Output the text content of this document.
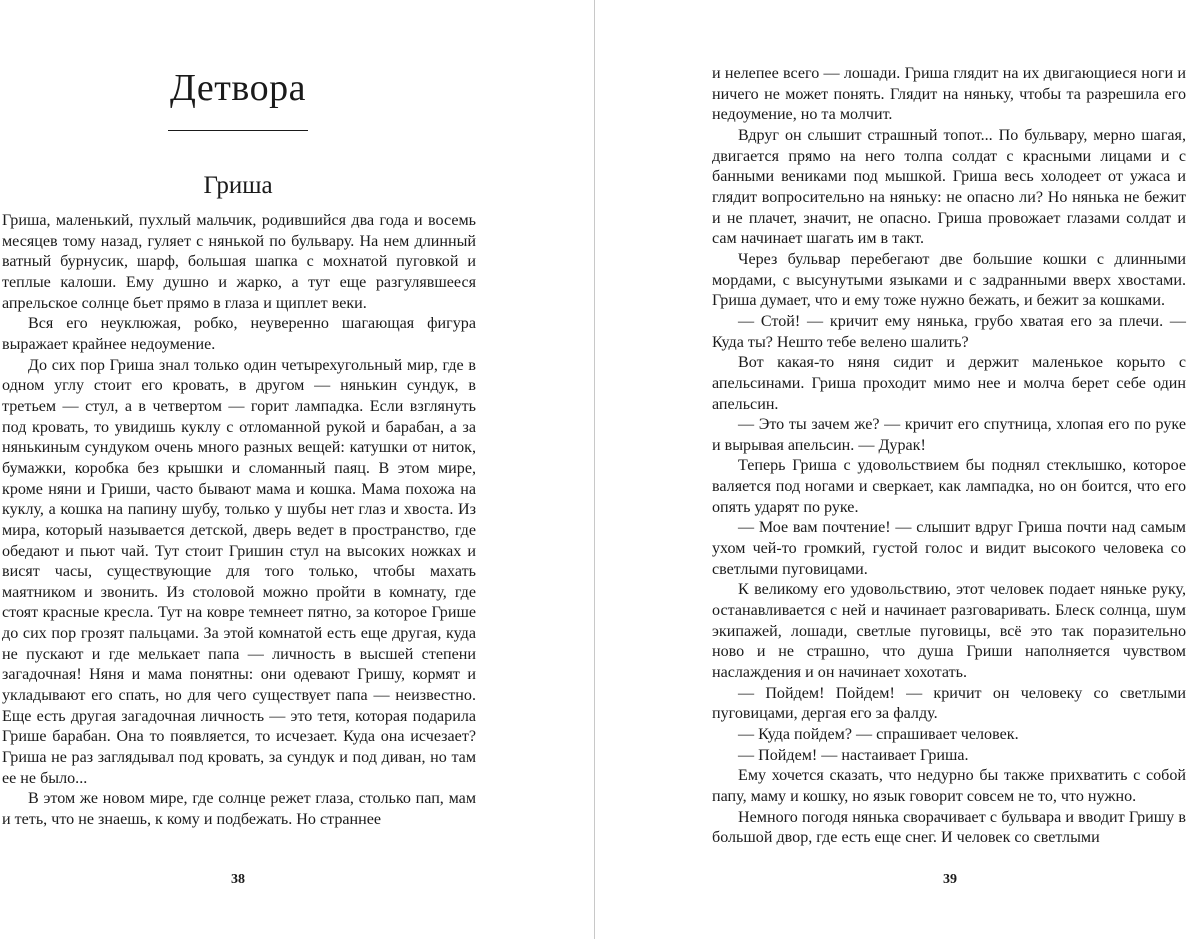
Детвора
Гриша

Гриша, маленький, пухлый мальчик, родившийся два года и восемь месяцев тому назад, гуляет с нянькой по бульвару. На нем длинный ватный бурнусик, шарф, большая шапка с мохнатой пуговкой и теплые калоши. Ему душно и жарко, а тут еще разгулявшееся апрельское солнце бьет прямо в глаза и щиплет веки.

Вся его неуклюжая, робко, неуверенно шагающая фигура выражает крайнее недоумение.

До сих пор Гриша знал только один четырехугольный мир, где в одном углу стоит его кровать, в другом — нянькин сундук, в третьем — стул, а в четвертом — горит лампадка. Если взглянуть под кровать, то увидишь куклу с отломанной рукой и барабан, а за нянькиным сундуком очень много разных вещей: катушки от ниток, бумажки, коробка без крышки и сломанный паяц. В этом мире, кроме няни и Гриши, часто бывают мама и кошка. Мама похожа на куклу, а кошка на папину шубу, только у шубы нет глаз и хвоста. Из мира, который называется детской, дверь ведет в пространство, где обедают и пьют чай. Тут стоит Гришин стул на высоких ножках и висят часы, существующие для того только, чтобы махать маятником и звонить. Из столовой можно пройти в комнату, где стоят красные кресла. Тут на ковре темнеет пятно, за которое Грише до сих пор грозят пальцами. За этой комнатой есть еще другая, куда не пускают и где мелькает папа — личность в высшей степени загадочная! Няня и мама понятны: они одевают Гришу, кормят и укладывают его спать, но для чего существует папа — неизвестно. Еще есть другая загадочная личность — это тетя, которая подарила Грише барабан. Она то появляется, то исчезает. Куда она исчезает? Гриша не раз заглядывал под кровать, за сундук и под диван, но там ее не было...

В этом же новом мире, где солнце режет глаза, столько пап, мам и теть, что не знаешь, к кому и подбежать. Но страннее

38

и нелепее всего — лошади. Гриша глядит на их двигающиеся ноги и ничего не может понять. Глядит на няньку, чтобы та разрешила его недоумение, но та молчит.

Вдруг он слышит страшный топот... По бульвару, мерно шагая, двигается прямо на него толпа солдат с красными лицами и с банными вениками под мышкой. Гриша весь холодеет от ужаса и глядит вопросительно на няньку: не опасно ли? Но нянька не бежит и не плачет, значит, не опасно. Гриша провожает глазами солдат и сам начинает шагать им в такт.

Через бульвар перебегают две большие кошки с длинными мордами, с высунутыми языками и с задранными вверх хвостами. Гриша думает, что и ему тоже нужно бежать, и бежит за кошками.

— Стой! — кричит ему нянька, грубо хватая его за плечи. — Куда ты? Нешто тебе велено шалить?

Вот какая-то няня сидит и держит маленькое корыто с апельсинами. Гриша проходит мимо нее и молча берет себе один апельсин.

— Это ты зачем же? — кричит его спутница, хлопая его по руке и вырывая апельсин. — Дурак!

Теперь Гриша с удовольствием бы поднял стеклышко, которое валяется под ногами и сверкает, как лампадка, но он боится, что его опять ударят по руке.

— Мое вам почтение! — слышит вдруг Гриша почти над самым ухом чей-то громкий, густой голос и видит высокого человека со светлыми пуговицами.

К великому его удовольствию, этот человек подает няньке руку, останавливается с ней и начинает разговаривать. Блеск солнца, шум экипажей, лошади, светлые пуговицы, всё это так поразительно ново и не страшно, что душа Гриши наполняется чувством наслаждения и он начинает хохотать.

— Пойдем! Пойдем! — кричит он человеку со светлыми пуговицами, дергая его за фалду.

— Куда пойдем? — спрашивает человек.

— Пойдем! — настаивает Гриша.

Ему хочется сказать, что недурно бы также прихватить с собой папу, маму и кошку, но язык говорит совсем не то, что нужно.

Немного погодя нянька сворачивает с бульвара и вводит Гришу в большой двор, где есть еще снег. И человек со светлыми

39
